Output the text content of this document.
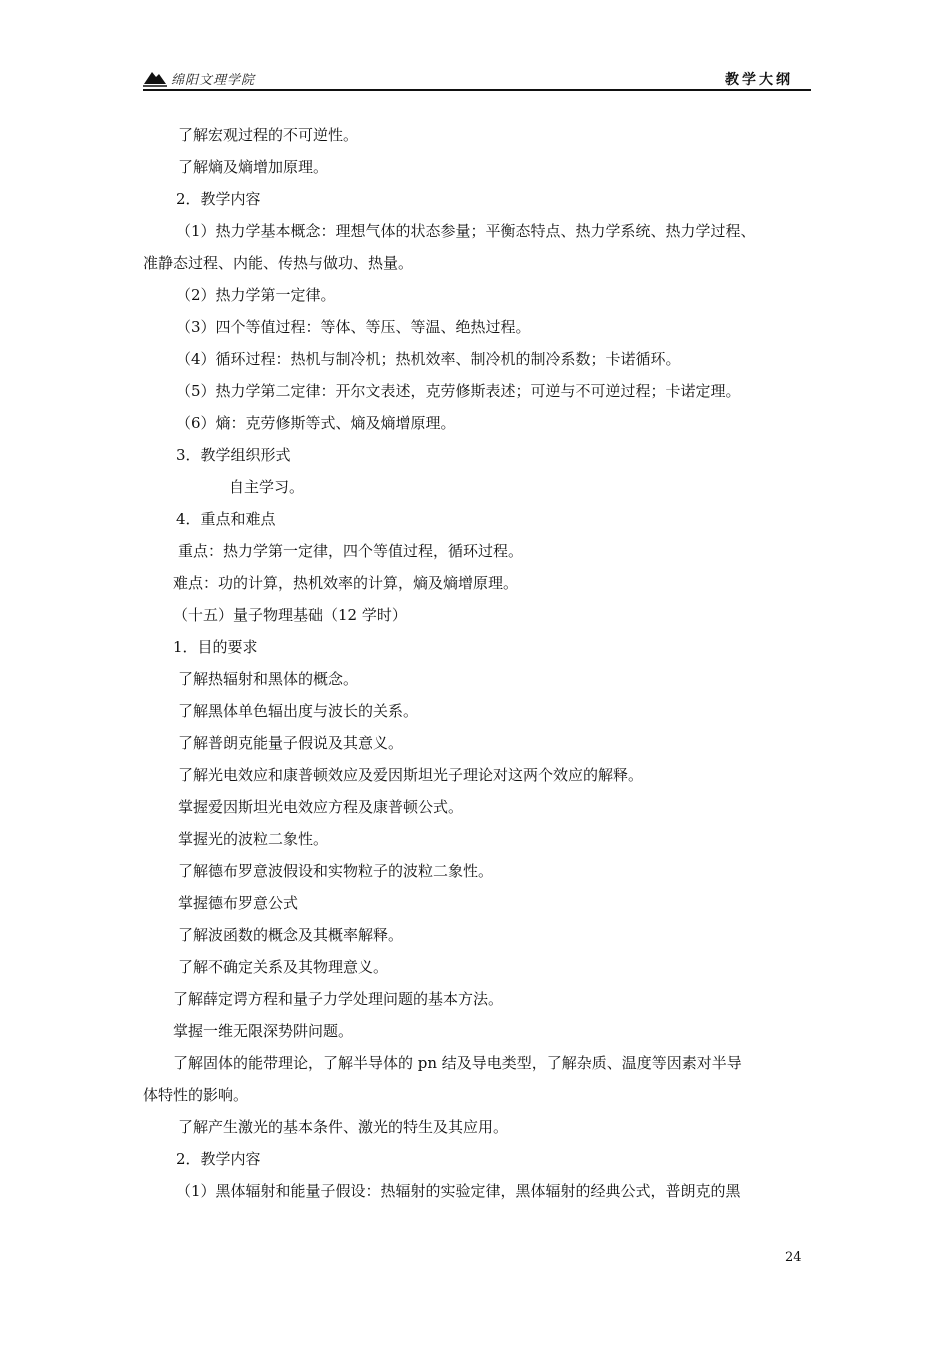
绵阳文理学院	教学大纲
了解宏观过程的不可逆性。
了解熵及熵增加原理。
2．教学内容
（1）热力学基本概念：理想气体的状态参量；平衡态特点、热力学系统、热力学过程、
准静态过程、内能、传热与做功、热量。
（2）热力学第一定律。
（3）四个等值过程：等体、等压、等温、绝热过程。
（4）循环过程：热机与制冷机；热机效率、制冷机的制冷系数；卡诺循环。
（5）热力学第二定律：开尔文表述，克劳修斯表述；可逆与不可逆过程；卡诺定理。
（6）熵：克劳修斯等式、熵及熵增原理。
3．教学组织形式
自主学习。
4．重点和难点
重点：热力学第一定律，四个等值过程，循环过程。
难点：功的计算，热机效率的计算，熵及熵增原理。
（十五）量子物理基础（12 学时）
1．目的要求
了解热辐射和黑体的概念。
了解黑体单色辐出度与波长的关系。
了解普朗克能量子假说及其意义。
了解光电效应和康普顿效应及爱因斯坦光子理论对这两个效应的解释。
掌握爱因斯坦光电效应方程及康普顿公式。
掌握光的波粒二象性。
了解德布罗意波假设和实物粒子的波粒二象性。
掌握德布罗意公式
了解波函数的概念及其概率解释。
了解不确定关系及其物理意义。
了解薛定谔方程和量子力学处理问题的基本方法。
掌握一维无限深势阱问题。
了解固体的能带理论，了解半导体的 pn 结及导电类型，了解杂质、温度等因素对半导
体特性的影响。
了解产生激光的基本条件、激光的特生及其应用。
2．教学内容
（1）黑体辐射和能量子假设：热辐射的实验定律，黑体辐射的经典公式，普朗克的黑
24
